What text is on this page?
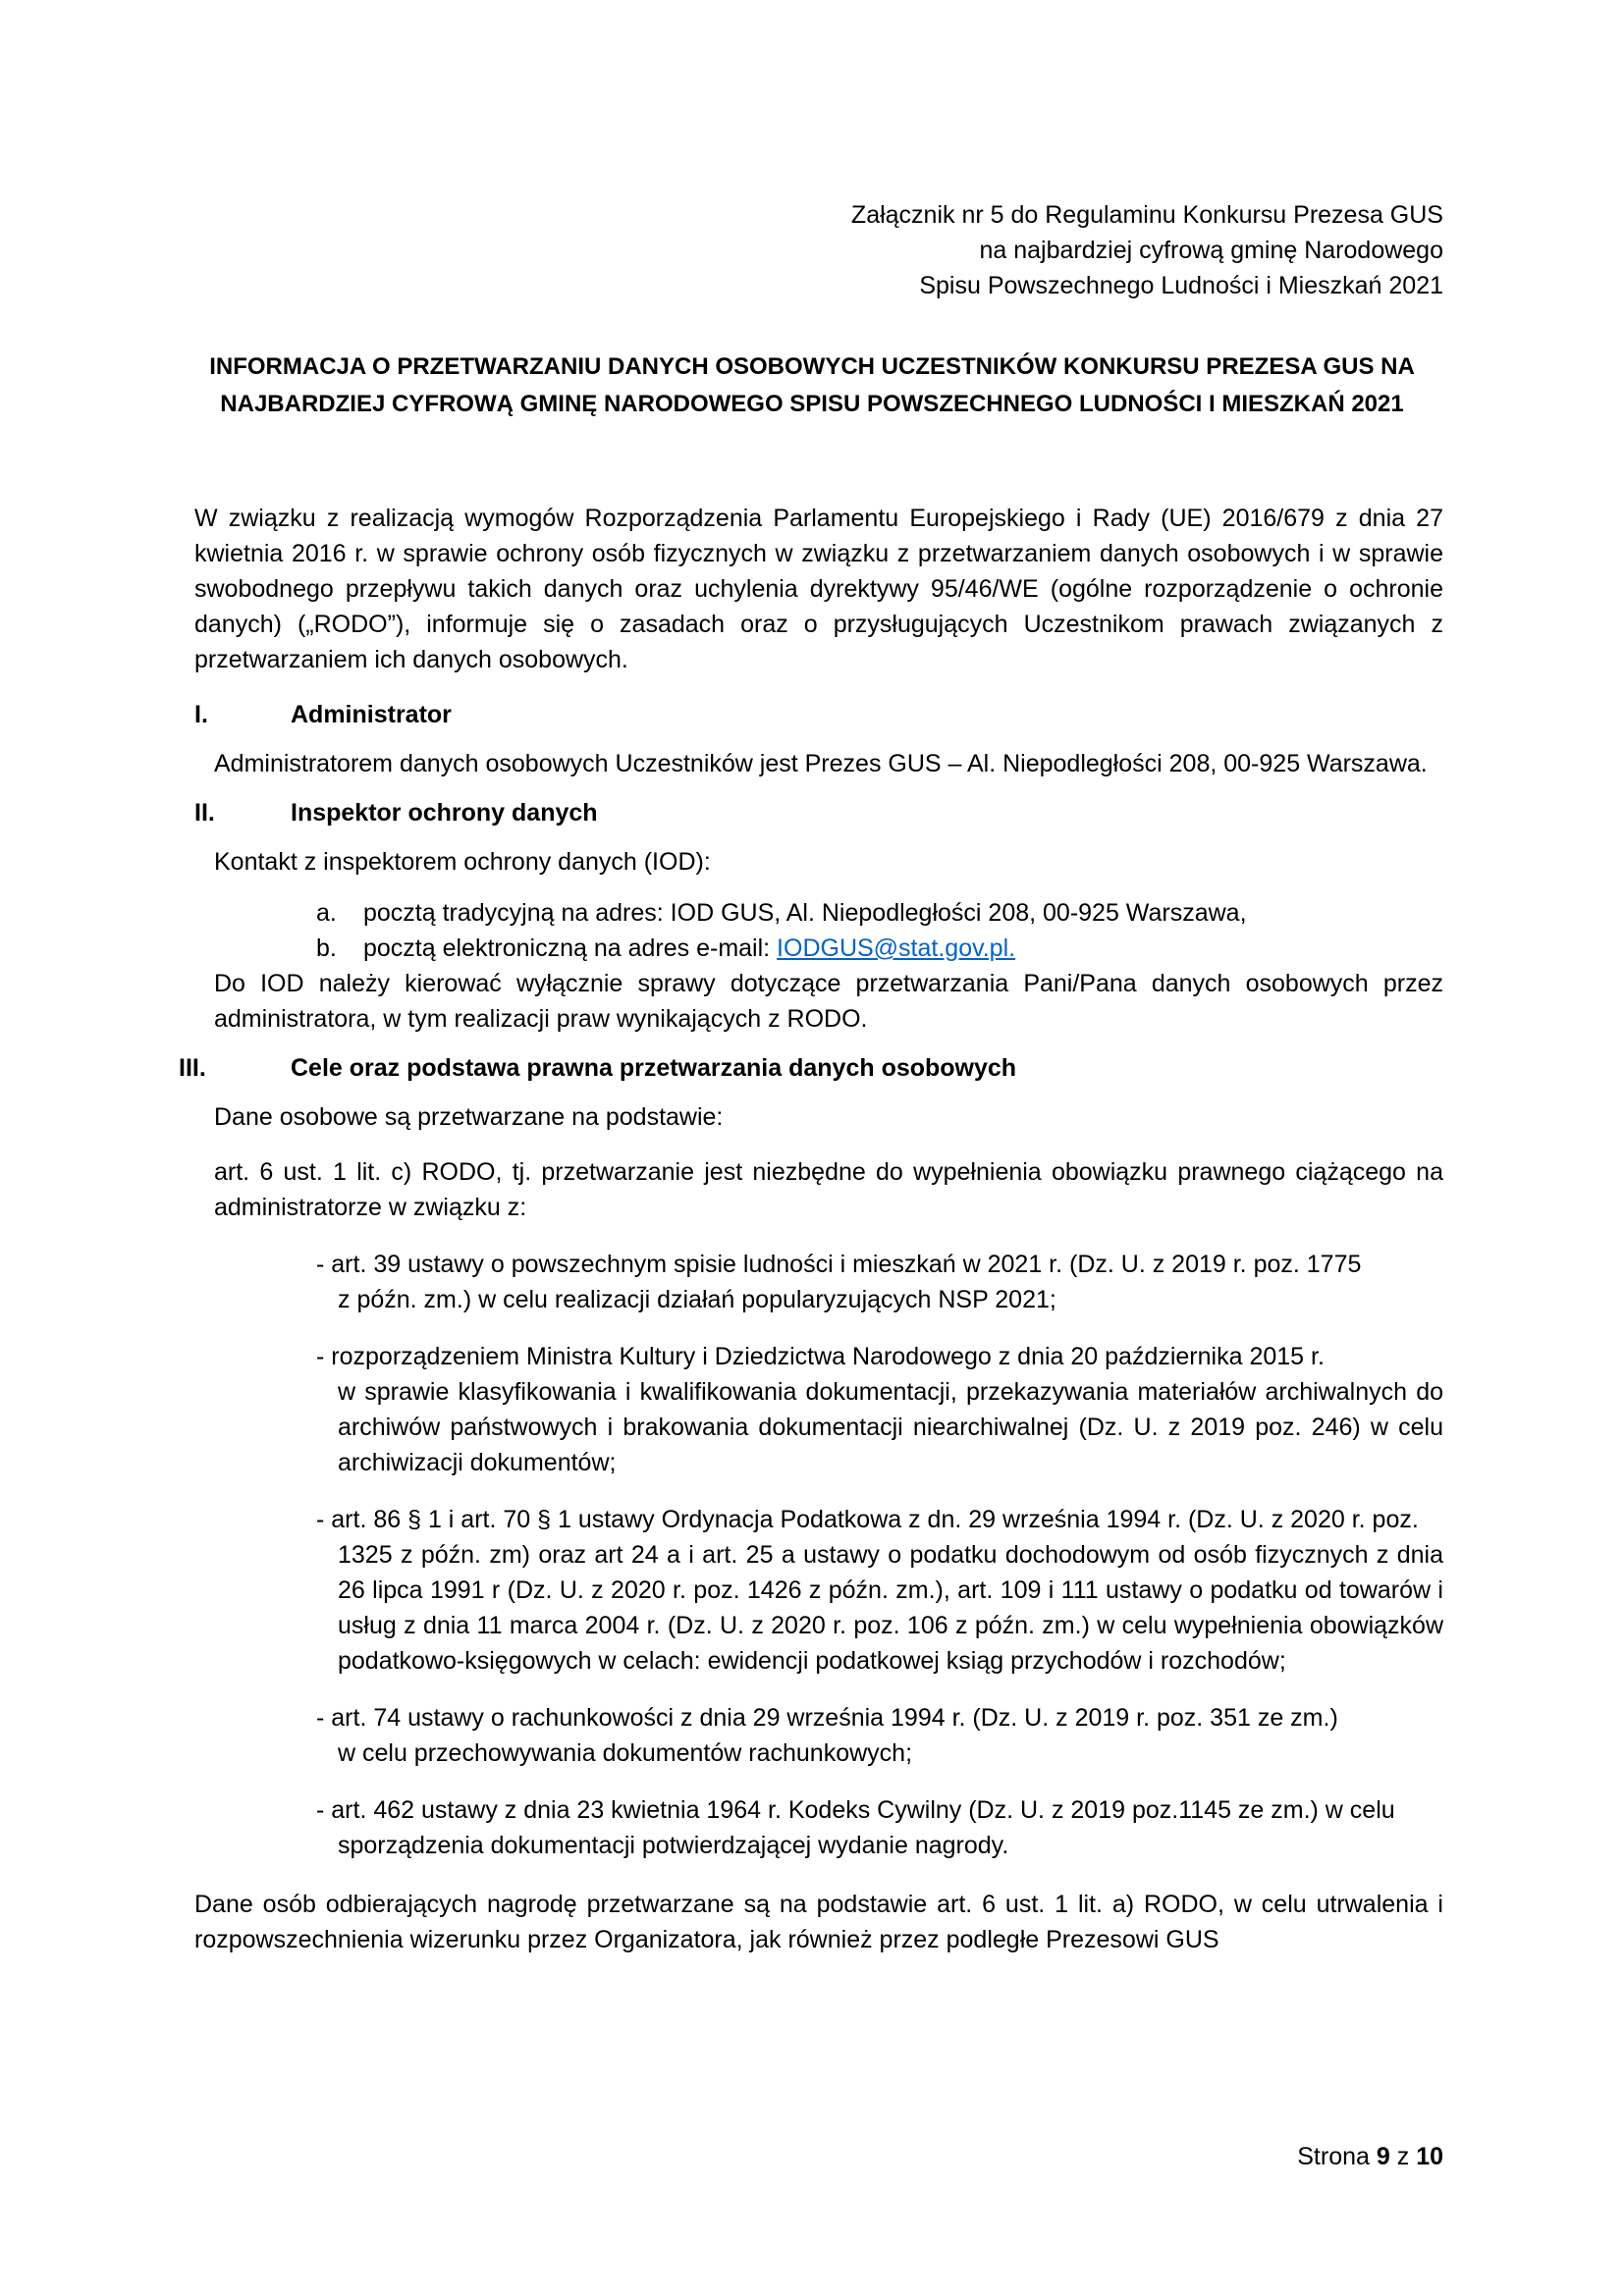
Załącznik nr 5 do Regulaminu Konkursu Prezesa GUS
na najbardziej cyfrową gminę Narodowego
Spisu Powszechnego Ludności i Mieszkań 2021
INFORMACJA O PRZETWARZANIU DANYCH OSOBOWYCH UCZESTNIKÓW KONKURSU PREZESA GUS NA
NAJBARDZIEJ CYFROWĄ GMINĘ NARODOWEGO SPISU POWSZECHNEGO LUDNOŚCI I MIESZKAŃ 2021

W związku z realizacją wymogów Rozporządzenia Parlamentu Europejskiego i Rady (UE) 2016/679 z dnia 27 kwietnia 2016 r. w sprawie ochrony osób fizycznych w związku z przetwarzaniem danych osobowych i w sprawie swobodnego przepływu takich danych oraz uchylenia dyrektywy 95/46/WE (ogólne rozporządzenie o ochronie danych) („RODO”), informuje się o zasadach oraz o przysługujących Uczestnikom prawach związanych z przetwarzaniem ich danych osobowych.

I.	Administrator

Administratorem danych osobowych Uczestników jest Prezes GUS – Al. Niepodległości 208, 00-925 Warszawa.

II.	Inspektor ochrony danych

Kontakt z inspektorem ochrony danych (IOD):

a. pocztą tradycyjną na adres: IOD GUS, Al. Niepodległości 208, 00-925 Warszawa,
b. pocztą elektroniczną na adres e-mail: IODGUS@stat.gov.pl.

Do IOD należy kierować wyłącznie sprawy dotyczące przetwarzania Pani/Pana danych osobowych przez administratora, w tym realizacji praw wynikających z RODO.

III.	Cele oraz podstawa prawna przetwarzania danych osobowych

Dane osobowe są przetwarzane na podstawie:

art. 6 ust. 1 lit. c) RODO, tj. przetwarzanie jest niezbędne do wypełnienia obowiązku prawnego ciążącego na administratorze w związku z:

- art. 39 ustawy o powszechnym spisie ludności i mieszkań w 2021 r. (Dz. U. z 2019 r. poz. 1775
z późn. zm.) w celu realizacji działań popularyzujących NSP 2021;
- rozporządzeniem Ministra Kultury i Dziedzictwa Narodowego z dnia 20 października 2015 r.
w sprawie klasyfikowania i kwalifikowania dokumentacji, przekazywania materiałów archiwalnych do archiwów państwowych i brakowania dokumentacji niearchiwalnej (Dz. U. z 2019 poz. 246) w celu archiwizacji dokumentów;
- art. 86 § 1 i art. 70 § 1 ustawy Ordynacja Podatkowa z dn. 29 września 1994 r. (Dz. U. z 2020 r. poz.
1325 z późn. zm) oraz art 24 a i art. 25 a ustawy o podatku dochodowym od osób fizycznych z dnia 26 lipca 1991 r (Dz. U. z 2020 r. poz. 1426 z późn. zm.), art. 109 i 111 ustawy o podatku od towarów i usług z dnia 11 marca 2004 r. (Dz. U. z 2020 r. poz. 106 z późn. zm.) w celu wypełnienia obowiązków podatkowo-księgowych w celach: ewidencji podatkowej ksiąg przychodów i rozchodów;
- art. 74 ustawy o rachunkowości z dnia 29 września 1994 r. (Dz. U. z 2019 r. poz. 351 ze zm.)
w celu przechowywania dokumentów rachunkowych;
- art. 462 ustawy z dnia 23 kwietnia 1964 r. Kodeks Cywilny (Dz. U. z 2019 poz.1145 ze zm.) w celu
sporządzenia dokumentacji potwierdzającej wydanie nagrody.

Dane osób odbierających nagrodę przetwarzane są na podstawie art. 6 ust. 1 lit. a) RODO, w celu utrwalenia i rozpowszechnienia wizerunku przez Organizatora, jak również przez podległe Prezesowi GUS

Strona 9 z 10
